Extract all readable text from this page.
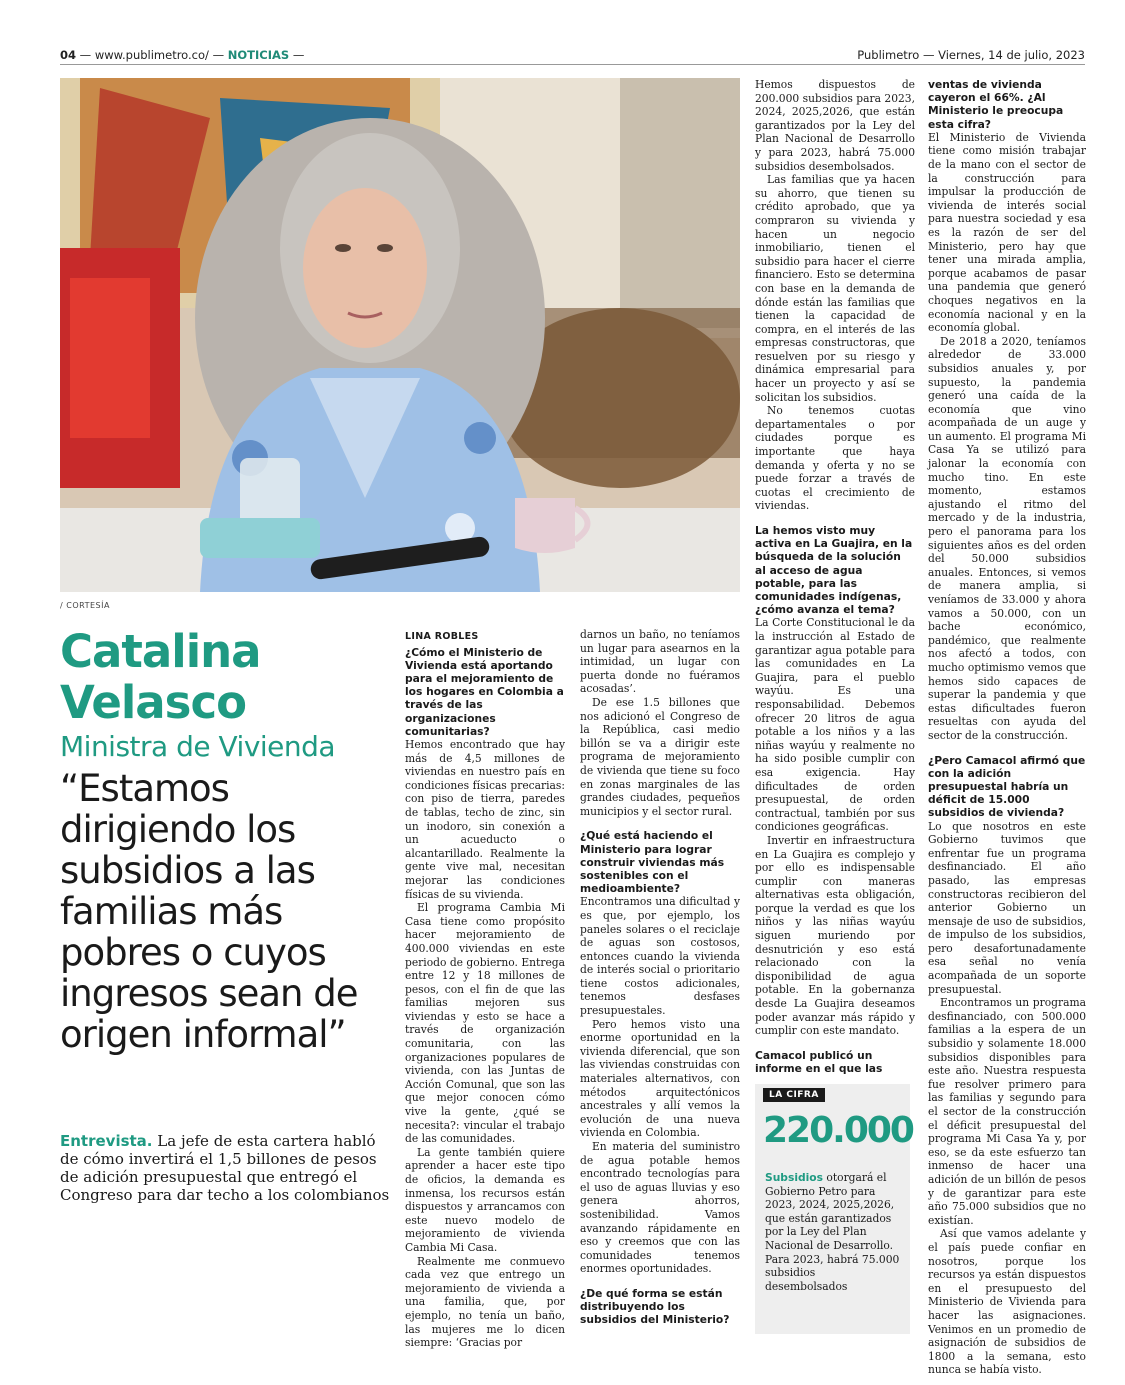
04 — www.publimetro.co/ — NOTICIAS —	Publimetro — Viernes, 14 de julio, 2023
/ CORTESÍA
Catalina
Velasco
Ministra de Vivienda
“Estamos dirigiendo los subsidios a las familias más pobres o cuyos ingresos sean de origen informal”
Entrevista. La jefe de esta cartera habló de cómo invertirá el 1,5 billones de pesos de adición presupuestal que entregó el Congreso para dar techo a los colombianos
LINA ROBLES

¿Cómo el Ministerio de Vivienda está aportando para el mejoramiento de los hogares en Colombia a través de las organizaciones comunitarias?

Hemos encontrado que hay más de 4,5 millones de viviendas en nuestro país en condiciones físicas precarias: con piso de tierra, paredes de tablas, techo de zinc, sin un inodoro, sin conexión a un acueducto o alcantarillado. Realmente la gente vive mal, necesitan mejorar las condiciones físicas de su vivienda.

El programa Cambia Mi Casa tiene como propósito hacer mejoramiento de 400.000 viviendas en este periodo de gobierno. Entrega entre 12 y 18 millones de pesos, con el fin de que las familias mejoren sus viviendas y esto se hace a través de organización comunitaria, con las organizaciones populares de vivienda, con las Juntas de Acción Comunal, que son las que mejor conocen cómo vive la gente, ¿qué se necesita?: vincular el trabajo de las comunidades.

La gente también quiere aprender a hacer este tipo de oficios, la demanda es inmensa, los recursos están dispuestos y arrancamos con este nuevo modelo de mejoramiento de vivienda Cambia Mi Casa.

Realmente me conmuevo cada vez que entrego un mejoramiento de vivienda a una familia, que, por ejemplo, no tenía un baño, las mujeres me lo dicen siempre: ‘Gracias por

darnos un baño, no teníamos un lugar para asearnos en la intimidad, un lugar con puerta donde no fuéramos acosadas’.

De ese 1.5 billones que nos adicionó el Congreso de la República, casi medio billón se va a dirigir este programa de mejoramiento de vivienda que tiene su foco en zonas marginales de las grandes ciudades, pequeños municipios y el sector rural.

¿Qué está haciendo el Ministerio para lograr construir viviendas más sostenibles con el medioambiente?

Encontramos una dificultad y es que, por ejemplo, los paneles solares o el reciclaje de aguas son costosos, entonces cuando la vivienda de interés social o prioritario tiene costos adicionales, tenemos desfases presupuestales.

Pero hemos visto una enorme oportunidad en la vivienda diferencial, que son las viviendas construidas con materiales alternativos, con métodos arquitectónicos ancestrales y allí vemos la evolución de una nueva vivienda en Colombia.

En materia del suministro de agua potable hemos encontrado tecnologías para el uso de aguas lluvias y eso genera ahorros, sostenibilidad. Vamos avanzando rápidamente en eso y creemos que con las comunidades tenemos enormes oportunidades.

¿De qué forma se están distribuyendo los subsidios del Ministerio?

Hemos dispuestos de 200.000 subsidios para 2023, 2024, 2025,2026, que están garantizados por la Ley del Plan Nacional de Desarrollo y para 2023, habrá 75.000 subsidios desembolsados.

Las familias que ya hacen su ahorro, que tienen su crédito aprobado, que ya compraron su vivienda y hacen un negocio inmobiliario, tienen el subsidio para hacer el cierre financiero. Esto se determina con base en la demanda de dónde están las familias que tienen la capacidad de compra, en el interés de las empresas constructoras, que resuelven por su riesgo y dinámica empresarial para hacer un proyecto y así se solicitan los subsidios.

No tenemos cuotas departamentales o por ciudades porque es importante que haya demanda y oferta y no se puede forzar a través de cuotas el crecimiento de viviendas.

La hemos visto muy activa en La Guajira, en la búsqueda de la solución al acceso de agua potable, para las comunidades indígenas, ¿cómo avanza el tema?

La Corte Constitucional le da la instrucción al Estado de garantizar agua potable para las comunidades en La Guajira, para el pueblo wayúu. Es una responsabilidad. Debemos ofrecer 20 litros de agua potable a los niños y a las niñas wayúu y realmente no ha sido posible cumplir con esa exigencia. Hay dificultades de orden presupuestal, de orden contractual, también por sus condiciones geográficas.

Invertir en infraestructura en La Guajira es complejo y por ello es indispensable cumplir con maneras alternativas esta obligación, porque la verdad es que los niños y las niñas wayúu siguen muriendo por desnutrición y eso está relacionado con la disponibilidad de agua potable. En la gobernanza desde La Guajira deseamos poder avanzar más rápido y cumplir con este mandato.

Camacol publicó un informe en el que las

LA CIFRA
220.000
Subsidios otorgará el Gobierno Petro para 2023, 2024, 2025,2026, que están garantizados por la Ley del Plan Nacional de Desarrollo. Para 2023, habrá 75.000 subsidios desembolsados

ventas de vivienda cayeron el 66%. ¿Al Ministerio le preocupa esta cifra?

El Ministerio de Vivienda tiene como misión trabajar de la mano con el sector de la construcción para impulsar la producción de vivienda de interés social para nuestra sociedad y esa es la razón de ser del Ministerio, pero hay que tener una mirada amplia, porque acabamos de pasar una pandemia que generó choques negativos en la economía nacional y en la economía global.

De 2018 a 2020, teníamos alrededor de 33.000 subsidios anuales y, por supuesto, la pandemia generó una caída de la economía que vino acompañada de un auge y un aumento. El programa Mi Casa Ya se utilizó para jalonar la economía con mucho tino. En este momento, estamos ajustando el ritmo del mercado y de la industria, pero el panorama para los siguientes años es del orden del 50.000 subsidios anuales. Entonces, si vemos de manera amplia, si veníamos de 33.000 y ahora vamos a 50.000, con un bache económico, pandémico, que realmente nos afectó a todos, con mucho optimismo vemos que hemos sido capaces de superar la pandemia y que estas dificultades fueron resueltas con ayuda del sector de la construcción.

¿Pero Camacol afirmó que con la adición presupuestal habría un déficit de 15.000 subsidios de vivienda?

Lo que nosotros en este Gobierno tuvimos que enfrentar fue un programa desfinanciado. El año pasado, las empresas constructoras recibieron del anterior Gobierno un mensaje de uso de subsidios, de impulso de los subsidios, pero desafortunadamente esa señal no venía acompañada de un soporte presupuestal.

Encontramos un programa desfinanciado, con 500.000 familias a la espera de un subsidio y solamente 18.000 subsidios disponibles para este año. Nuestra respuesta fue resolver primero para las familias y segundo para el sector de la construcción el déficit presupuestal del programa Mi Casa Ya y, por eso, se da este esfuerzo tan inmenso de hacer una adición de un billón de pesos y de garantizar para este año 75.000 subsidios que no existían.

Así que vamos adelante y el país puede confiar en nosotros, porque los recursos ya están dispuestos en el presupuesto del Ministerio de Vivienda para hacer las asignaciones. Venimos en un promedio de asignación de subsidios de 1800 a la semana, esto nunca se había visto.
